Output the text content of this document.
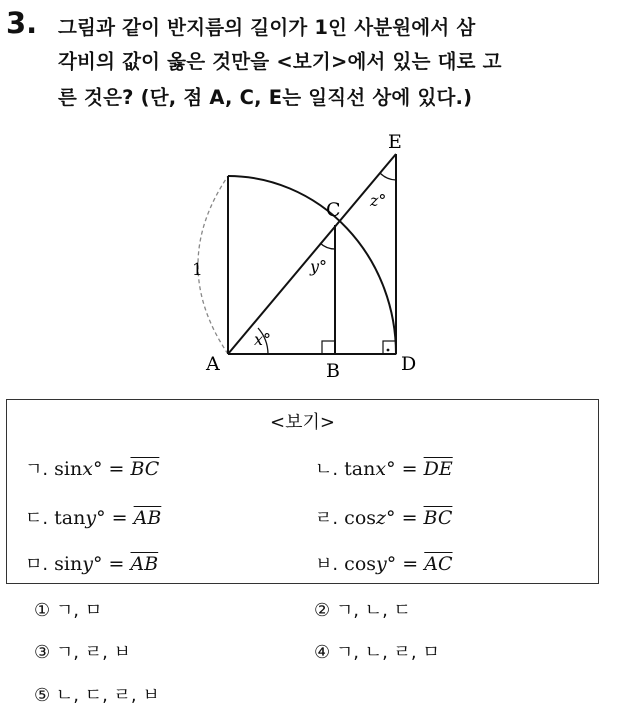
3. 그림과 같이 반지름의 길이가 1인 사분원에서 삼
각비의 값이 옳은 것만을 <보기>에서 있는 대로 고
른 것은? (단, 점 A, C, E는 일직선 상에 있다.)
A	B
C
D
E
1
x°
y°
z°
<보기>
ㄱ. $\sin x^\circ = \overline{BC}$	ㄴ. $\tan x^\circ = \overline{DE}$
ㄷ. $\tan y^\circ = \overline{AB}$	ㄹ. $\cos z^\circ = \overline{BC}$
ㅁ. $\sin y^\circ = \overline{AB}$	ㅂ. $\cos y^\circ = \overline{AC}$
① ㄱ, ㅁ	② ㄱ, ㄴ, ㄷ
③ ㄱ, ㄹ, ㅂ	④ ㄱ, ㄴ, ㄹ, ㅁ
⑤ ㄴ, ㄷ, ㄹ, ㅂ
